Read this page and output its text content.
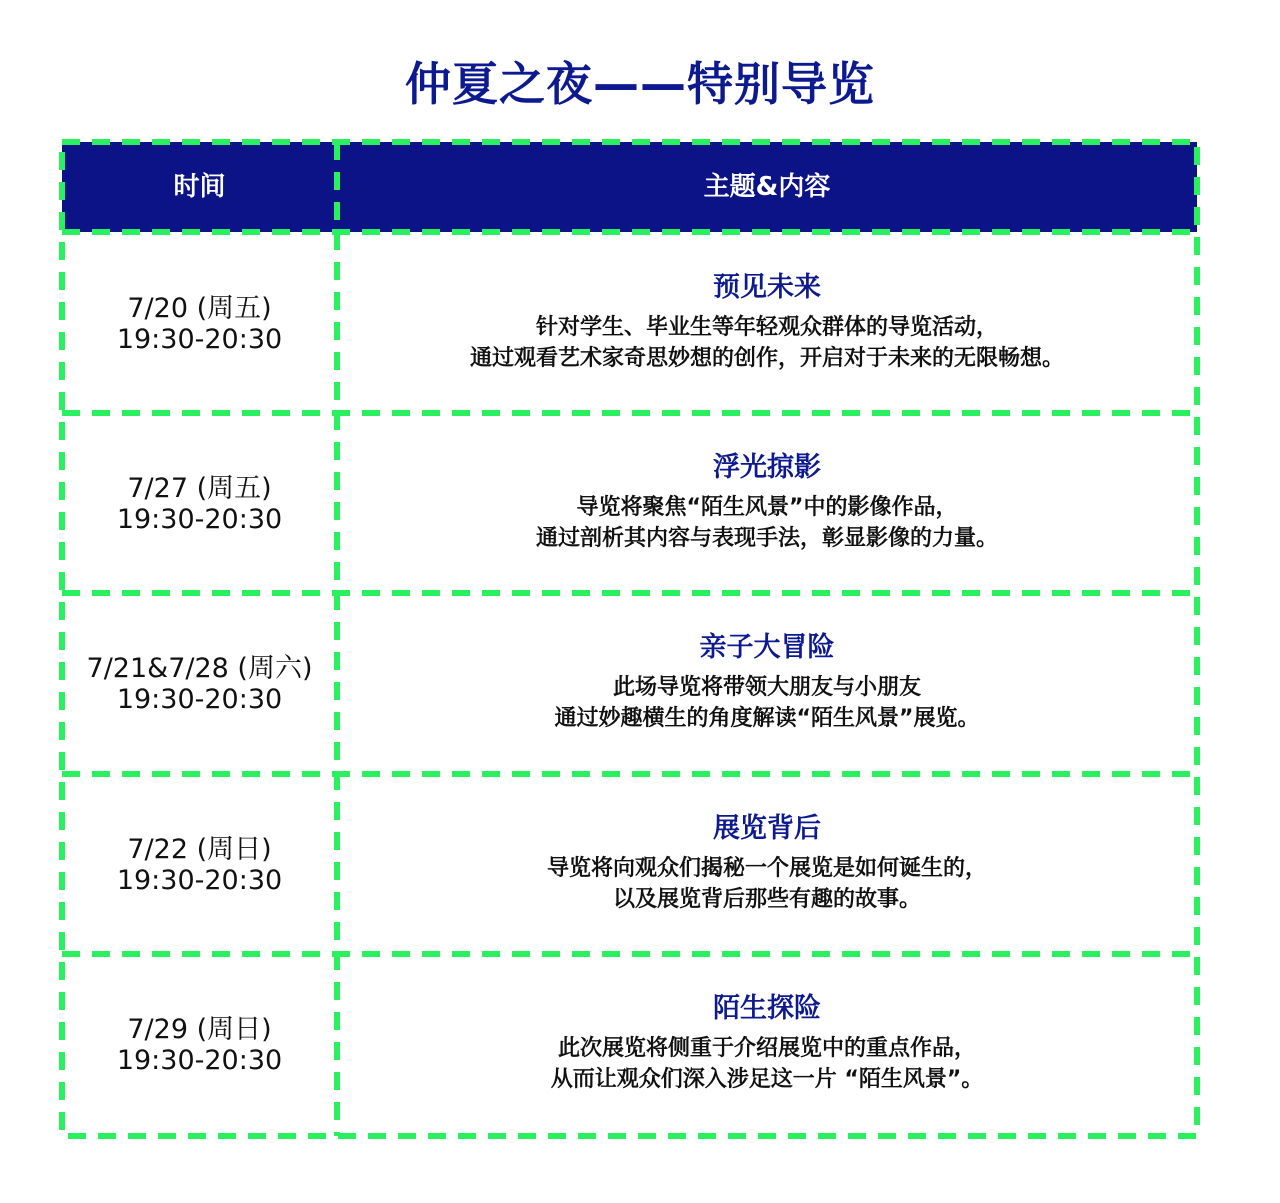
仲夏之夜——特别导览
时间	主题&内容
7/20 (周五)
19:30-20:30
预见未来
针对学生、毕业生等年轻观众群体的导览活动，
通过观看艺术家奇思妙想的创作，开启对于未来的无限畅想。
7/27 (周五)
19:30-20:30
浮光掠影
导览将聚焦“陌生风景”中的影像作品，
通过剖析其内容与表现手法，彰显影像的力量。
7/21&7/28 (周六)
19:30-20:30
亲子大冒险
此场导览将带领大朋友与小朋友
通过妙趣横生的角度解读“陌生风景”展览。
7/22 (周日)
19:30-20:30
展览背后
导览将向观众们揭秘一个展览是如何诞生的，
以及展览背后那些有趣的故事。
7/29 (周日)
19:30-20:30
陌生探险
此次展览将侧重于介绍展览中的重点作品，
从而让观众们深入涉足这一片 “陌生风景”。
